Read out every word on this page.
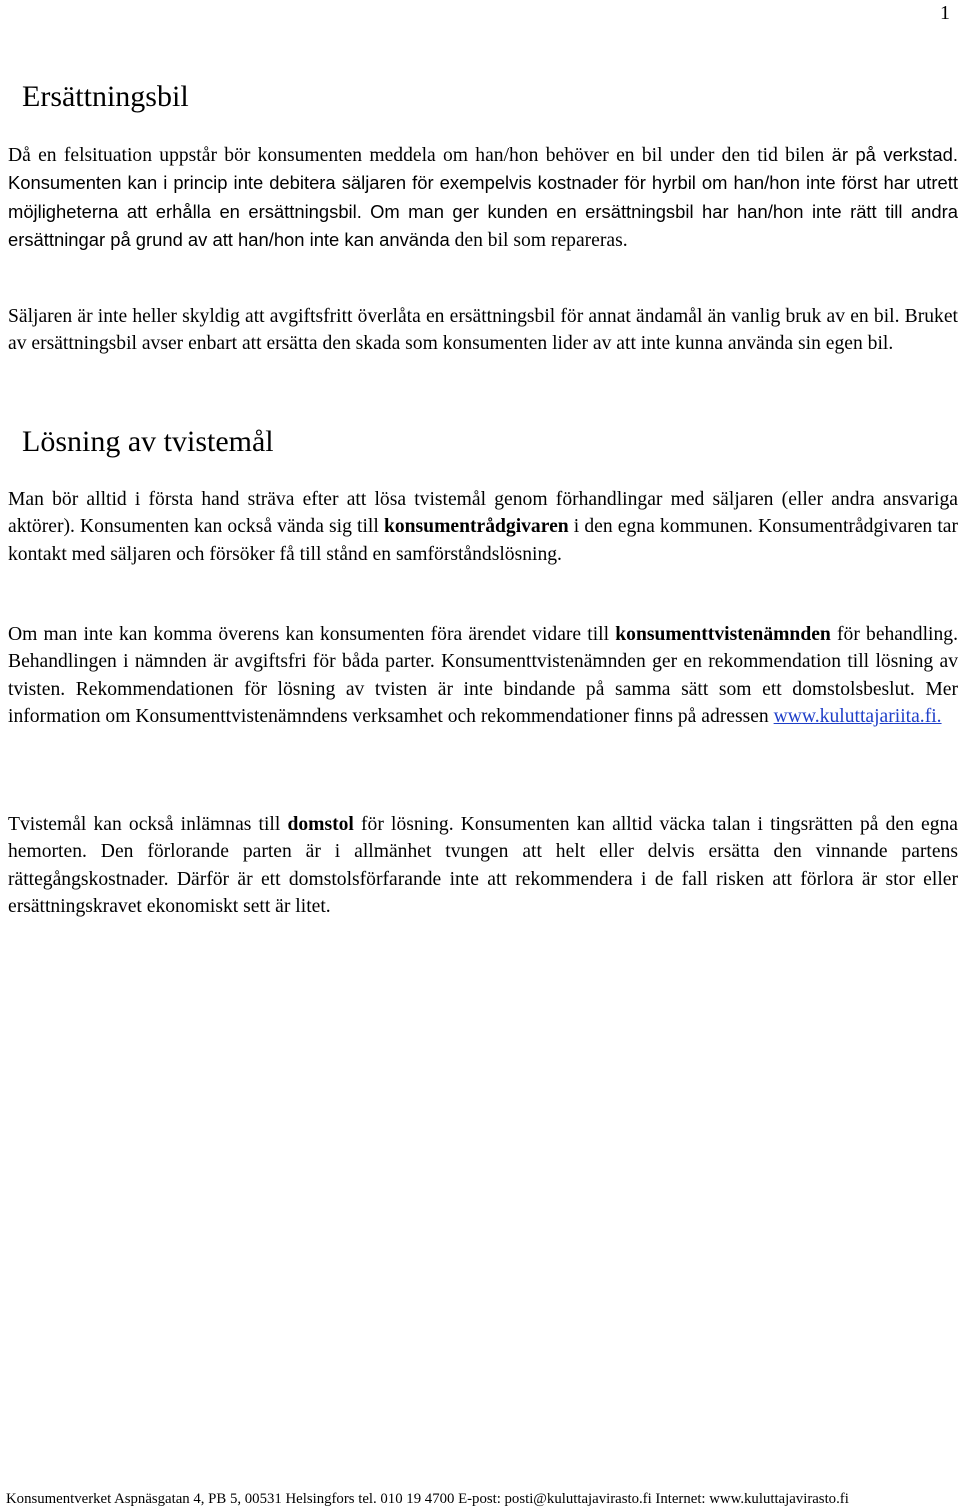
1
Ersättningsbil

Då en felsituation uppstår bör konsumenten meddela om han/hon behöver en bil under den tid bilen är på verkstad. Konsumenten kan i princip inte debitera säljaren för exempelvis kostnader för hyrbil om han/hon inte först har utrett möjligheterna att erhålla en ersättningsbil. Om man ger kunden en ersättningsbil har han/hon inte rätt till andra ersättningar på grund av att han/hon inte kan använda den bil som repareras.

Säljaren är inte heller skyldig att avgiftsfritt överlåta en ersättningsbil för annat ändamål än vanlig bruk av en bil. Bruket av ersättningsbil avser enbart att ersätta den skada som konsumenten lider av att inte kunna använda sin egen bil.

Lösning av tvistemål

Man bör alltid i första hand sträva efter att lösa tvistemål genom förhandlingar med säljaren (eller andra ansvariga aktörer). Konsumenten kan också vända sig till konsumentrådgivaren i den egna kommunen. Konsumentrådgivaren tar kontakt med säljaren och försöker få till stånd en samförståndslösning.

Om man inte kan komma överens kan konsumenten föra ärendet vidare till konsumenttvistenämnden för behandling. Behandlingen i nämnden är avgiftsfri för båda parter. Konsumenttvistenämnden ger en rekommendation till lösning av tvisten. Rekommendationen för lösning av tvisten är inte bindande på samma sätt som ett domstolsbeslut. Mer information om Konsumenttvistenämndens verksamhet och rekommendationer finns på adressen www.kuluttajariita.fi.

Tvistemål kan också inlämnas till domstol för lösning. Konsumenten kan alltid väcka talan i tingsrätten på den egna hemorten. Den förlorande parten är i allmänhet tvungen att helt eller delvis ersätta den vinnande partens rättegångskostnader. Därför är ett domstolsförfarande inte att rekommendera i de fall risken att förlora är stor eller ersättningskravet ekonomiskt sett är litet.

Konsumentverket Aspnäsgatan 4, PB 5, 00531 Helsingfors tel. 010 19 4700 E-post: posti@kuluttajavirasto.fi Internet: www.kuluttajavirasto.fi
